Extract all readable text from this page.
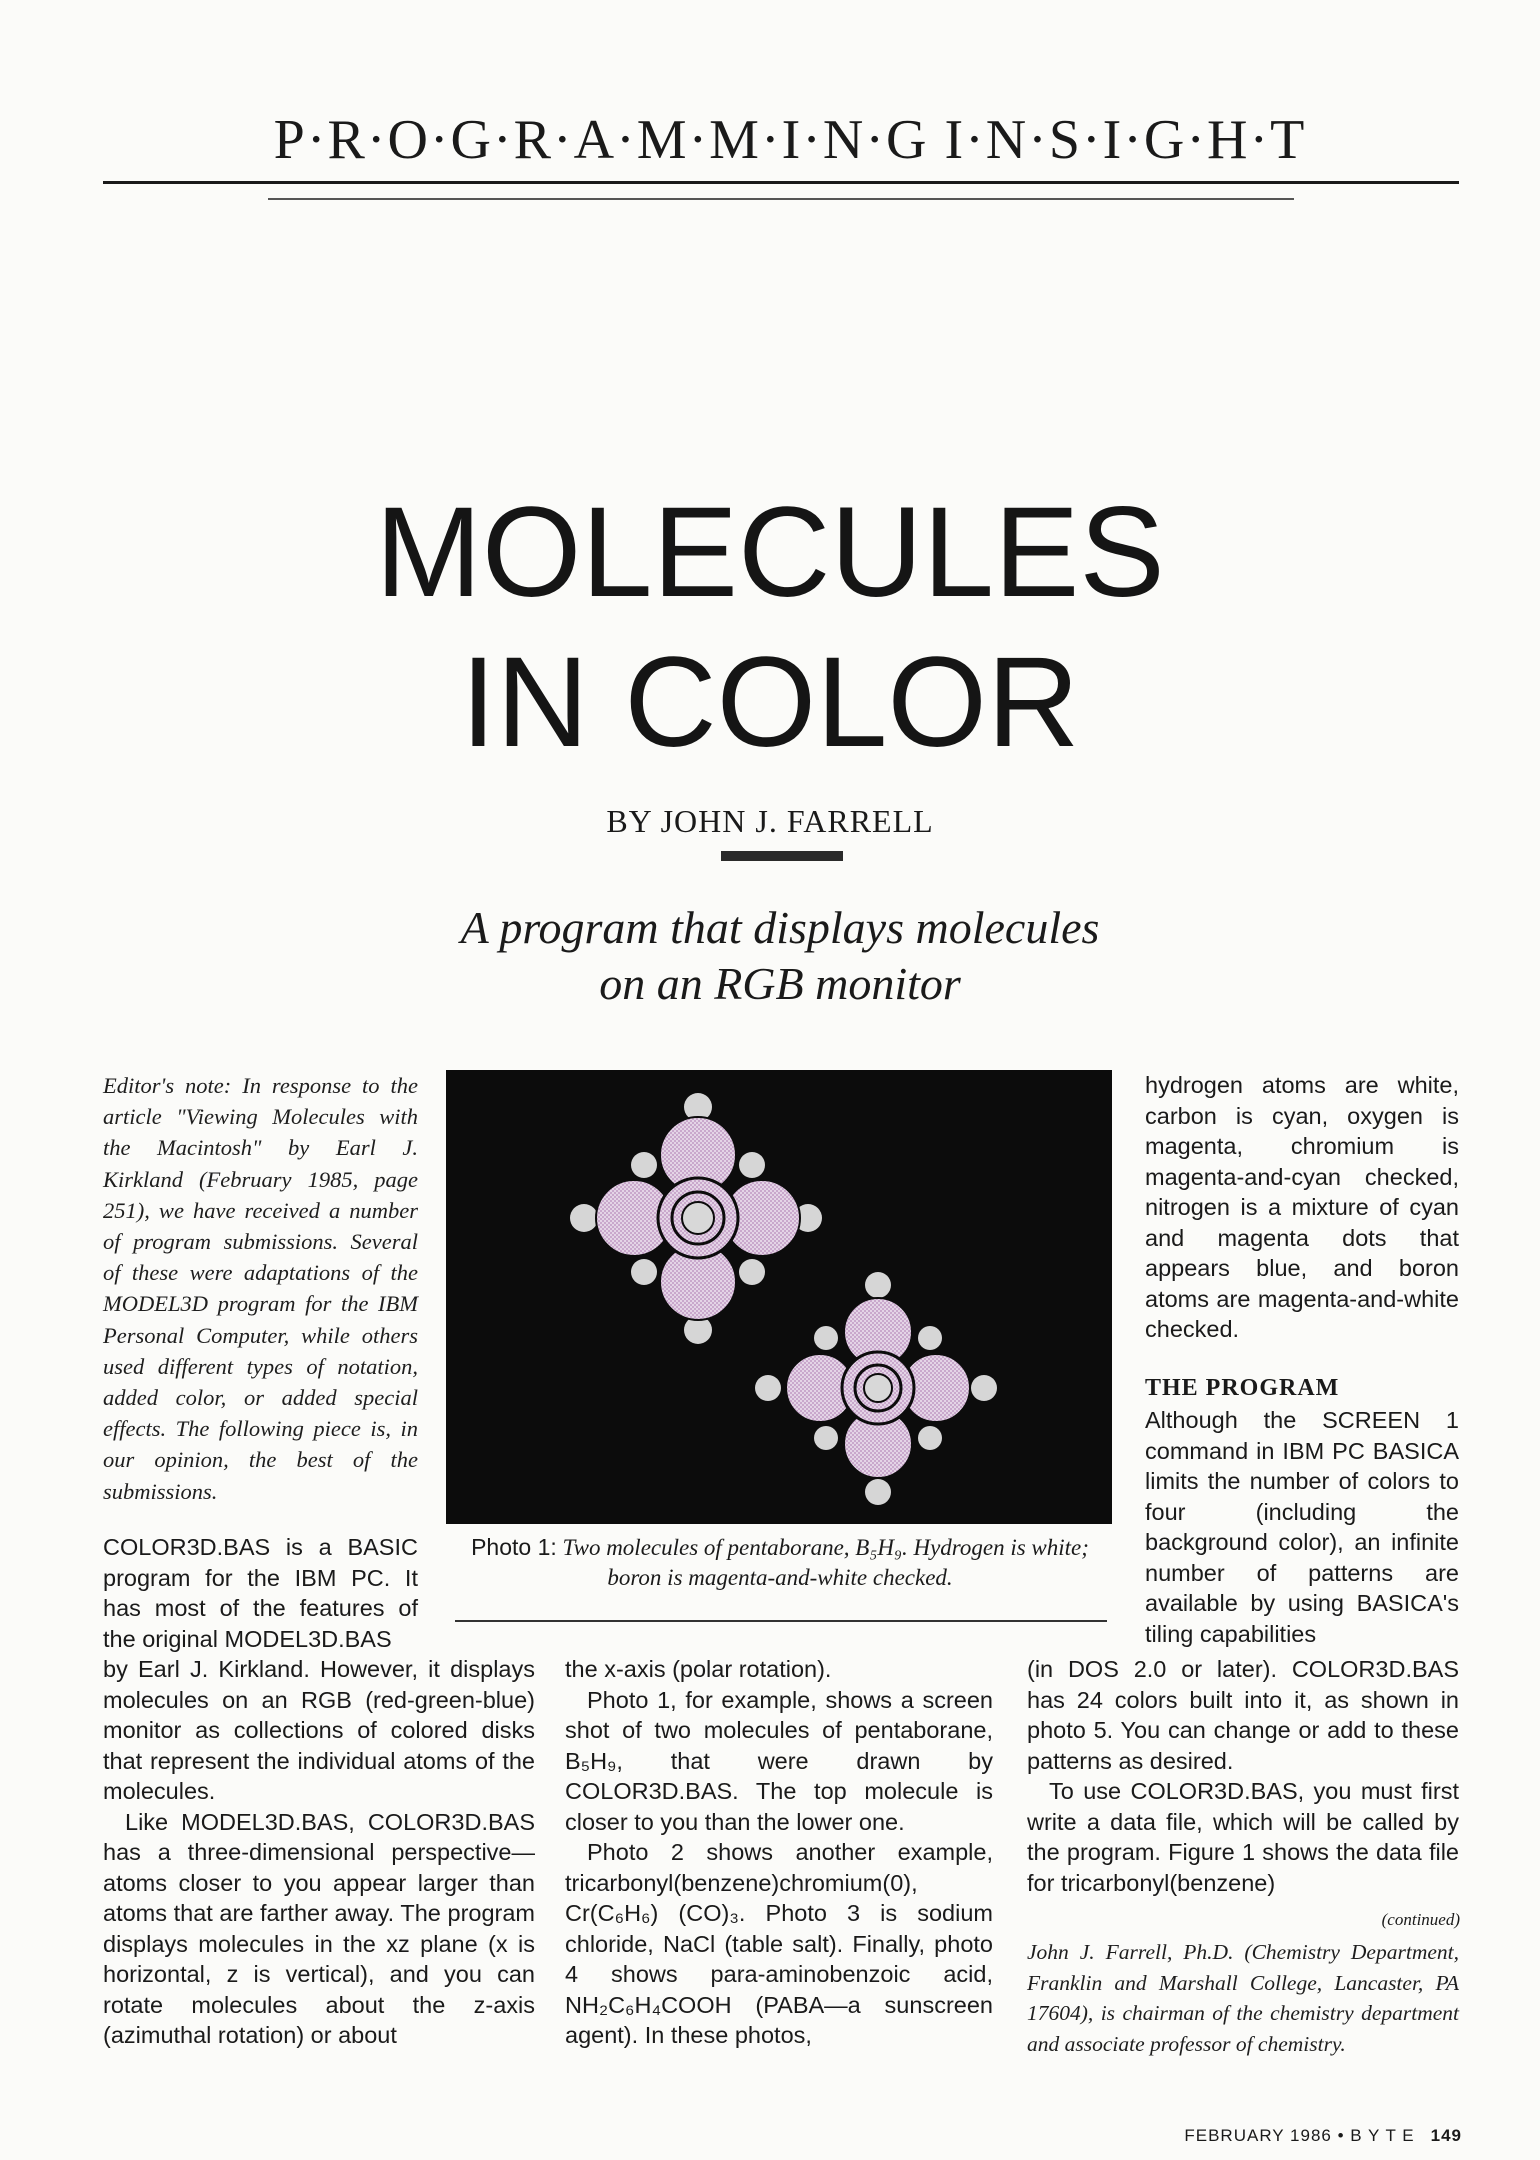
P·R·O·G·R·A·M·M·I·N·G I·N·S·I·G·H·T
MOLECULES
IN COLOR
BY JOHN J. FARRELL
A program that displays molecules
on an RGB monitor
Editor's note: In response to the article "Viewing Molecules with the Macintosh" by Earl J. Kirkland (February 1985, page 251), we have received a number of program submissions. Several of these were adaptations of the MODEL3D program for the IBM Personal Computer, while others used different types of notation, added color, or added special effects. The following piece is, in our opinion, the best of the submissions.

COLOR3D.BAS is a BASIC program for the IBM PC. It has most of the features of the original MODEL3D.BAS

by Earl J. Kirkland. However, it displays molecules on an RGB (red-green-blue) monitor as collections of colored disks that represent the individual atoms of the molecules.

Like MODEL3D.BAS, COLOR3D.BAS has a three-dimensional perspective—atoms closer to you appear larger than atoms that are farther away. The program displays molecules in the xz plane (x is horizontal, z is vertical), and you can rotate molecules about the z-axis (azimuthal rotation) or about

the x-axis (polar rotation).

Photo 1, for example, shows a screen shot of two molecules of pentaborane, B₅H₉, that were drawn by COLOR3D.BAS. The top molecule is closer to you than the lower one.

Photo 2 shows another example, tricarbonyl(benzene)chromium(0), Cr(C₆H₆) (CO)₃. Photo 3 is sodium chloride, NaCl (table salt). Finally, photo 4 shows para-aminobenzoic acid, NH₂C₆H₄COOH (PABA—a sunscreen agent). In these photos,

hydrogen atoms are white, carbon is cyan, oxygen is magenta, chromium is magenta-and-cyan checked, nitrogen is a mixture of cyan and magenta dots that appears blue, and boron atoms are magenta-and-white checked.

THE PROGRAM

Although the SCREEN 1 command in IBM PC BASICA limits the number of colors to four (including the background color), an infinite number of patterns are available by using BASICA's tiling capabilities

(in DOS 2.0 or later). COLOR3D.BAS has 24 colors built into it, as shown in photo 5. You can change or add to these patterns as desired.

To use COLOR3D.BAS, you must first write a data file, which will be called by the program. Figure 1 shows the data file for tricarbonyl(benzene)

Photo 1: Two molecules of pentaborane, B₅H₉. Hydrogen is white; boron is magenta-and-white checked.
(continued)
John J. Farrell, Ph.D. (Chemistry Department, Franklin and Marshall College, Lancaster, PA 17604), is chairman of the chemistry department and associate professor of chemistry.
FEBRUARY 1986 • B Y T E 149
